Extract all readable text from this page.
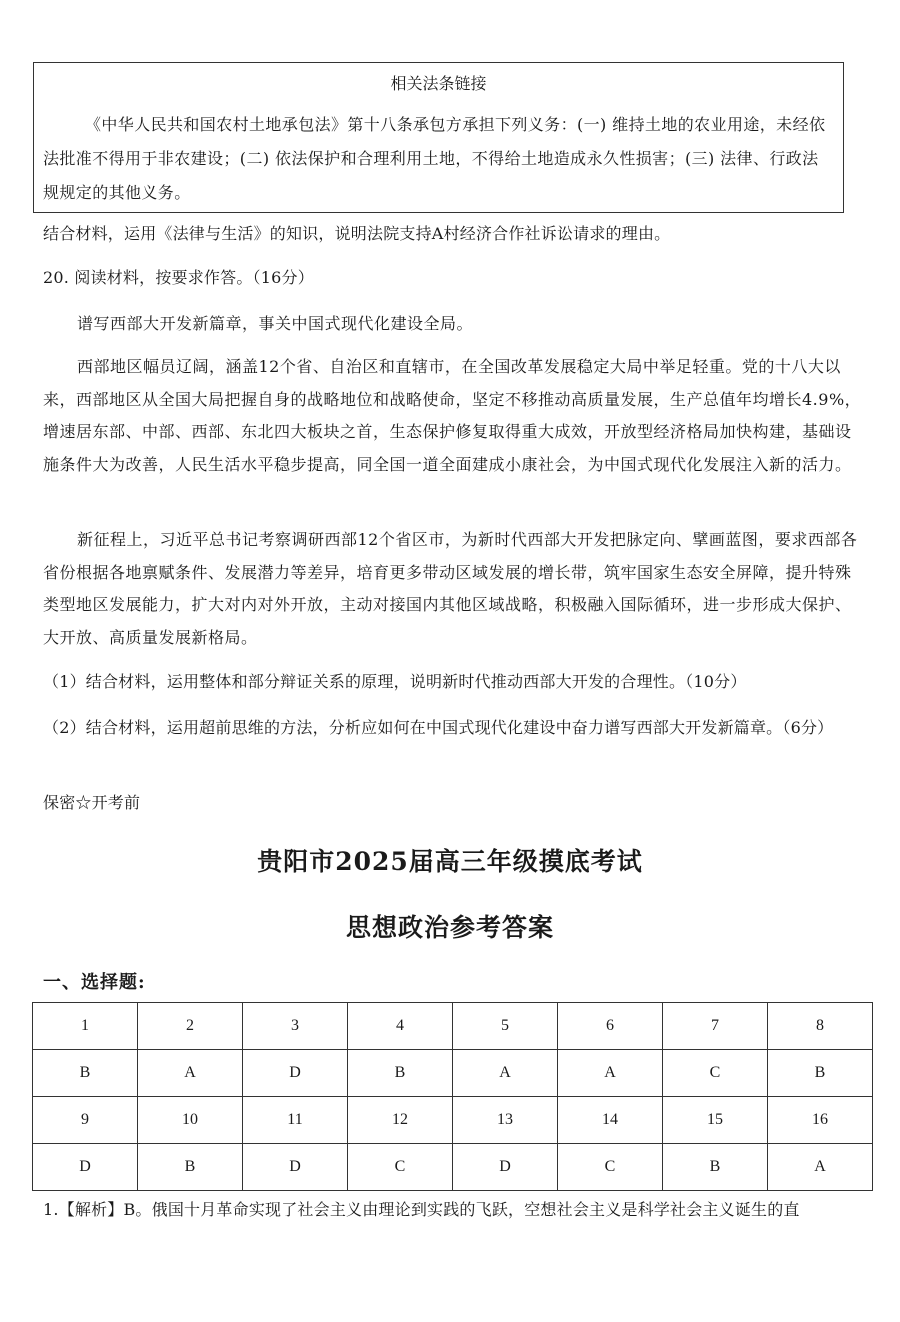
相关法条链接
《中华人民共和国农村土地承包法》第十八条承包方承担下列义务：(一) 维持土地的农业用途，未经依法批准不得用于非农建设；(二) 依法保护和合理利用土地，不得给土地造成永久性损害；(三) 法律、行政法规规定的其他义务。
结合材料，运用《法律与生活》的知识，说明法院支持A村经济合作社诉讼请求的理由。
20. 阅读材料，按要求作答。（16分）
谱写西部大开发新篇章，事关中国式现代化建设全局。
西部地区幅员辽阔，涵盖12个省、自治区和直辖市，在全国改革发展稳定大局中举足轻重。党的十八大以来，西部地区从全国大局把握自身的战略地位和战略使命，坚定不移推动高质量发展，生产总值年均增长4.9%，增速居东部、中部、西部、东北四大板块之首，生态保护修复取得重大成效，开放型经济格局加快构建，基础设施条件大为改善，人民生活水平稳步提高，同全国一道全面建成小康社会，为中国式现代化发展注入新的活力。
新征程上，习近平总书记考察调研西部12个省区市，为新时代西部大开发把脉定向、擘画蓝图，要求西部各省份根据各地禀赋条件、发展潜力等差异，培育更多带动区域发展的增长带，筑牢国家生态安全屏障，提升特殊类型地区发展能力，扩大对内对外开放，主动对接国内其他区域战略，积极融入国际循环，进一步形成大保护、大开放、高质量发展新格局。
（1）结合材料，运用整体和部分辩证关系的原理，说明新时代推动西部大开发的合理性。（10分）
（2）结合材料，运用超前思维的方法，分析应如何在中国式现代化建设中奋力谱写西部大开发新篇章。（6分）
保密☆开考前
贵阳市2025届高三年级摸底考试
思想政治参考答案
一、选择题:
1	2	3	4	5	6	7	8
B	A	D	B	A	A	C	B
9	10	11	12	13	14	15	16
D	B	D	C	D	C	B	A
1.【解析】B。俄国十月革命实现了社会主义由理论到实践的飞跃，空想社会主义是科学社会主义诞生的直
